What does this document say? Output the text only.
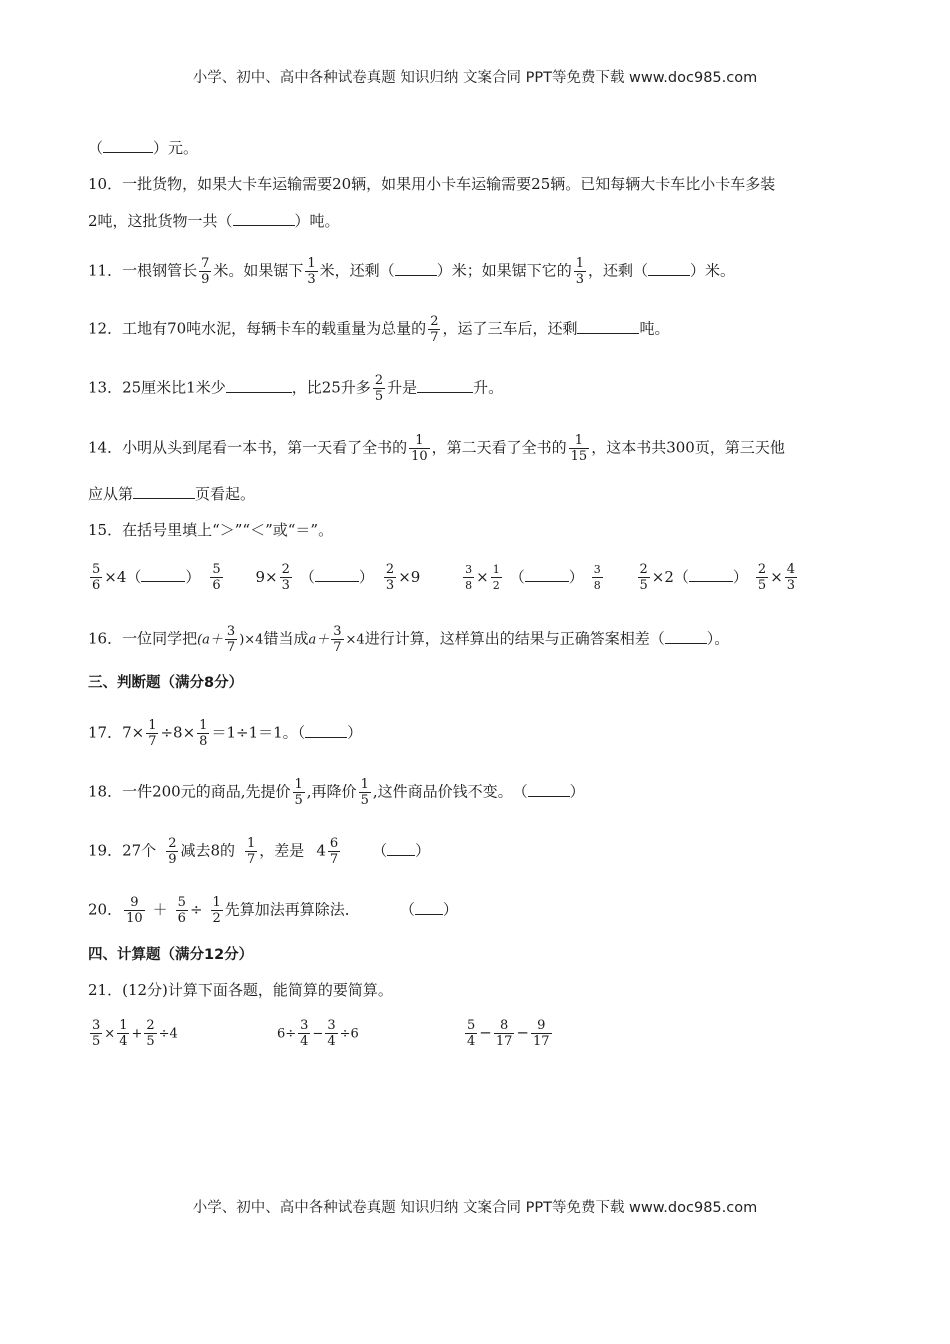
小学、初中、高中各种试卷真题 知识归纳 文案合同 PPT等免费下载 www.doc985.com
（	）元。
10．一批货物，如果大卡车运输需要20辆，如果用小卡车运输需要25辆。已知每辆大卡车比小卡车多装
2吨，这批货物一共（	）吨。
11．一根钢管长 $\frac{7}{9}$ 米。如果锯下 $\frac{1}{3}$ 米，还剩（	）米；如果锯下它的 $\frac{1}{3}$ ，还剩（	）米。
12．工地有70吨水泥，每辆卡车的载重量为总量的 $\frac{2}{7}$ ，运了三车后，还剩	吨。
13．25厘米比1米少	，比25升多 $\frac{2}{5}$ 升是	升。
14．小明从头到尾看一本书，第一天看了全书的 $\frac{1}{10}$ ，第二天看了全书的 $\frac{1}{15}$ ，这本书共300页，第三天他
应从第	页看起。
15．在括号里填上“＞”“＜”或“＝”。
$\frac{5}{6} \times 4$（	） $\frac{5}{6} 9\times \frac{2}{3}$ （	） $\frac{2}{3} \times 9$	$\frac{3}{8} \times \frac{1}{2}$ （	） $\frac{3}{8}$
	$\frac{2}{5} \times 2$（	） $\frac{2}{5} \times \frac{4}{3}$
16．一位同学把$(a+ \frac{3}{7} )\times 4$错当成$a+ \frac{3}{7} \times 4$进行计算，这样算出的结果与正确答案相差（	）。
三、判断题（满分8分）
17．$7\times \frac{1}{7} \div 8\times \frac{1}{8} =1\div 1=1$。（	）
18．一件200元的商品,先提价 $\frac{1}{5}$ ,再降价 $\frac{1}{5}$ ,这件商品价钱不变。　（	）
19．27个 $\frac{2}{9}$ 减去8的 $\frac{1}{7}$ ，差是 $4 \frac{6}{7}$ （ ）
20． $\frac{9}{10} + \frac{5}{6} \div \frac{1}{2}$ 先算加法再算除法．	（ ）
四、计算题（满分12分）
21．(12分)计算下面各题，能简算的要简算。
$\frac{3}{5} \times \frac{1}{4} + \frac{2}{5} \div 4$	$6\div \frac{3}{4} - \frac{3}{4} \div 6$	$\frac{5}{4} - \frac{8}{17} - \frac{9}{17}$
小学、初中、高中各种试卷真题 知识归纳 文案合同 PPT等免费下载 www.doc985.com
